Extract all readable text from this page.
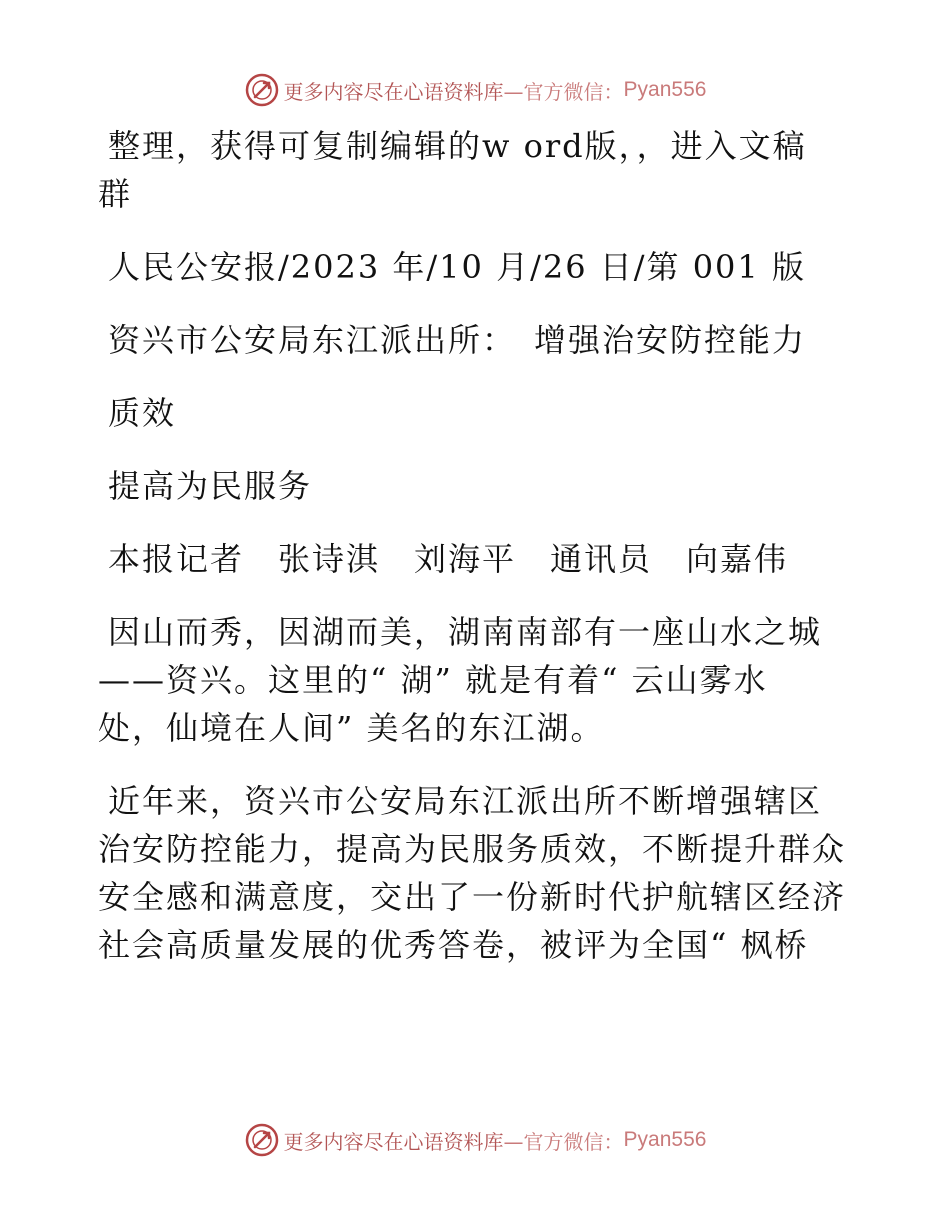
更多内容尽在心语资料库 —官方微信： Pyan556

整理，获得可复制编辑的w ord版，，进入文稿

群

人民公安报/2023 年/10 月/26 日/第 001 版

资兴市公安局东江派出所：　增强治安防控能力

质效

提高为民服务

本报记者　张诗淇　刘海平　通讯员　向嘉伟

因山而秀，因湖而美，湖南南部有一座山水之城

——资兴。这里的“ 湖” 就是有着“ 云山雾水

处，仙境在人间” 美名的东江湖。

近年来，资兴市公安局东江派出所不断增强辖区

治安防控能力，提高为民服务质效，不断提升群众

安全感和满意度，交出了一份新时代护航辖区经济

社会高质量发展的优秀答卷，被评为全国“ 枫桥

更多内容尽在心语资料库 —官方微信： Pyan556
